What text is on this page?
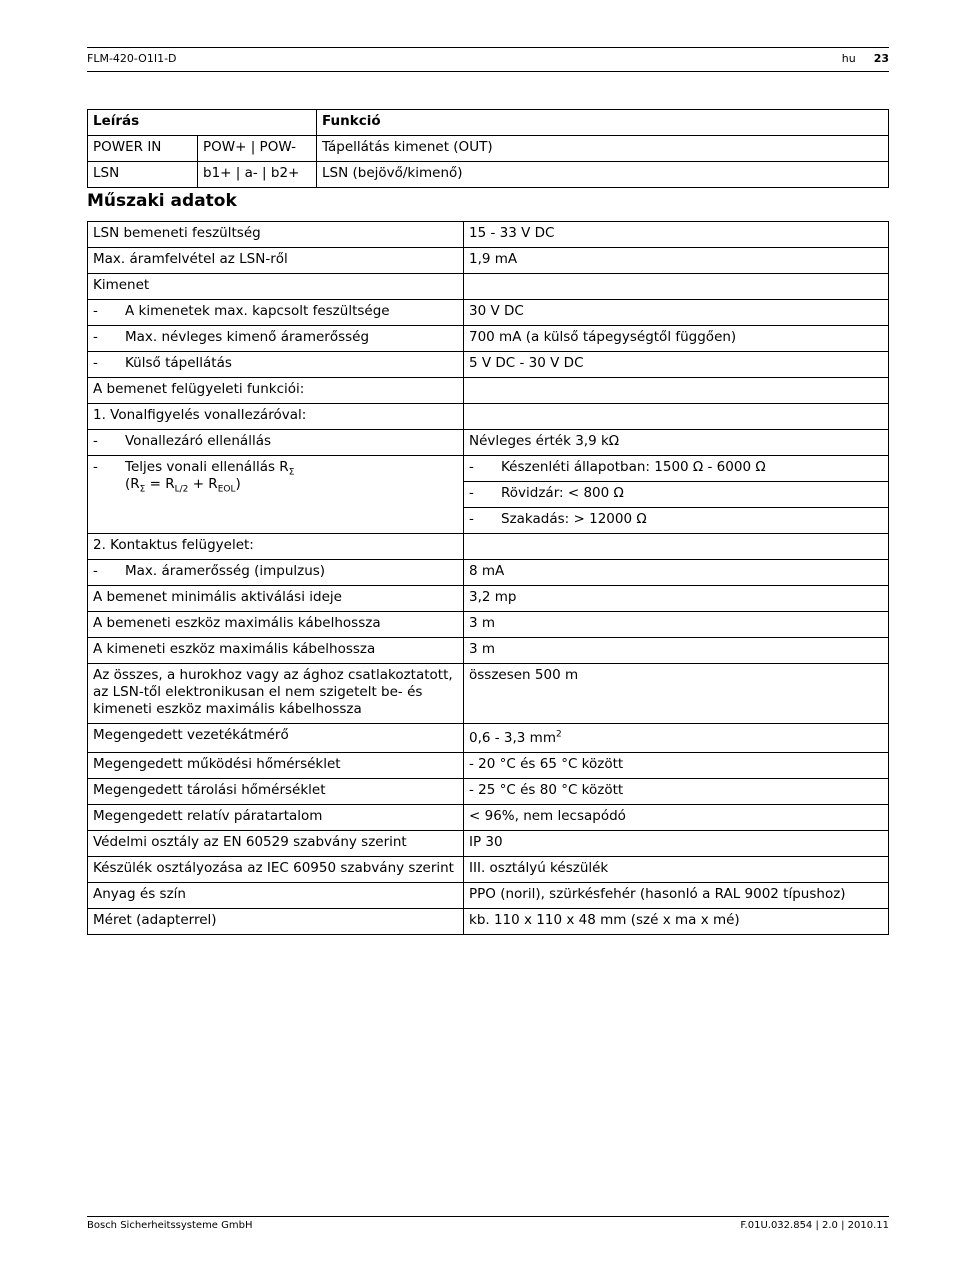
FLM-420-O1I1-D	hu 23
Leírás		Funkció
POWER IN	POW+ | POW-	Tápellátás kimenet (OUT)
LSN	b1+ | a- | b2+	LSN (bejövő/kimenő)
Műszaki adatok
LSN bemeneti feszültség	15 - 33 V DC
Max. áramfelvétel az LSN-ről	1,9 mA
Kimenet	
- A kimenetek max. kapcsolt feszültsége	30 V DC
- Max. névleges kimenő áramerősség	700 mA (a külső tápegységtől függően)
- Külső tápellátás	5 V DC - 30 V DC
A bemenet felügyeleti funkciói:	
1. Vonalfigyelés vonallezáróval:	
- Vonallezáró ellenállás	Névleges érték 3,9 kΩ
- Teljes vonali ellenállás $R_\Sigma$
$(R_\Sigma = R_{L/2} + R_{EOL})$	- Készenléti állapotban: 1500 Ω - 6000 Ω
	- Rövidzár: < 800 Ω
	- Szakadás: > 12000 Ω
2. Kontaktus felügyelet:	
- Max. áramerősség (impulzus)	8 mA
A bemenet minimális aktiválási ideje	3,2 mp
A bemeneti eszköz maximális kábelhossza	3 m
A kimeneti eszköz maximális kábelhossza	3 m

Az összes, a hurokhoz vagy az ághoz csatlakoztatott,
az LSN-től elektronikusan el nem szigetelt be- és
kimeneti eszköz maximális kábelhossza	összesen 500 m
Megengedett vezetékátmérő	0,6 - 3,3 $mm^2$
Megengedett működési hőmérséklet	- 20 °C és 65 °C között
Megengedett tárolási hőmérséklet	- 25 °C és 80 °C között
Megengedett relatív páratartalom	< 96%, nem lecsapódó
Védelmi osztály az EN 60529 szabvány szerint	IP 30
Készülék osztályozása az IEC 60950 szabvány szerint	III. osztályú készülék
Anyag és szín	PPO (noril), szürkésfehér (hasonló a RAL 9002 típushoz)
Méret (adapterrel)	kb. 110 x 110 x 48 mm (szé x ma x mé)
Bosch Sicherheitssysteme GmbH	F.01U.032.854 | 2.0 | 2010.11
